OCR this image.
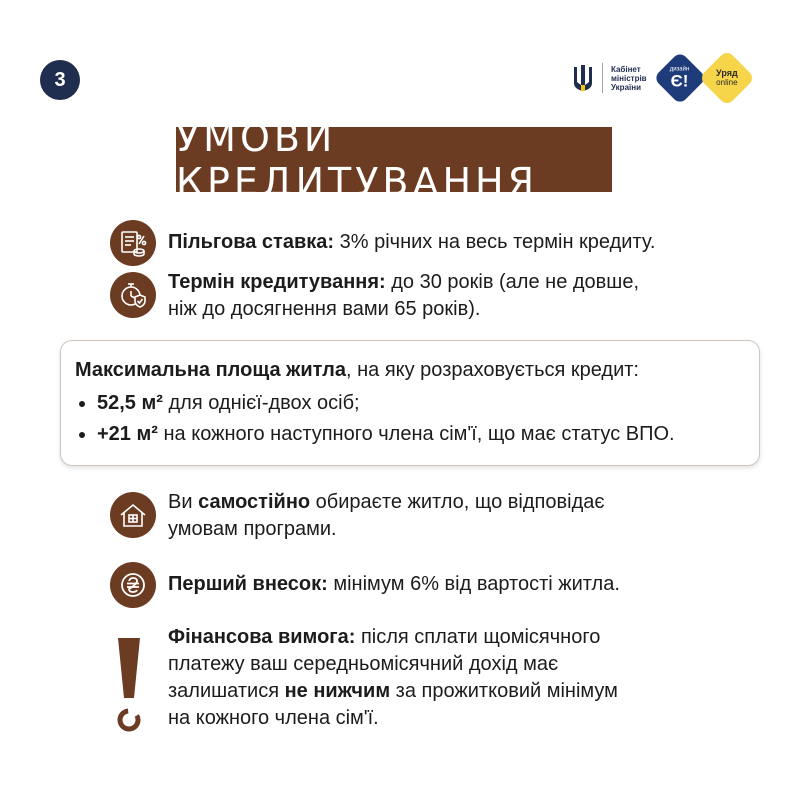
3	Кабінет
міністрів
України
дизайн
Є!	Уряд
online
УМОВИ КРЕДИТУВАННЯ
Пільгова ставка: 3% річних на весь термін кредиту.
Термін кредитування: до 30 років (але не довше,
ніж до досягнення вами 65 років).
Максимальна площа житла, на яку розраховується кредит:
52,5 м² для однієї-двох осіб;
+21 м² на кожного наступного члена сім'ї, що має статус ВПО.
Ви самостійно обираєте житло, що відповідає
умовам програми.
Перший внесок: мінімум 6% від вартості житла.
Фінансова вимога: після сплати щомісячного
платежу ваш середньомісячний дохід має
залишатися не нижчим за прожитковий мінімум
на кожного члена сім'ї.
